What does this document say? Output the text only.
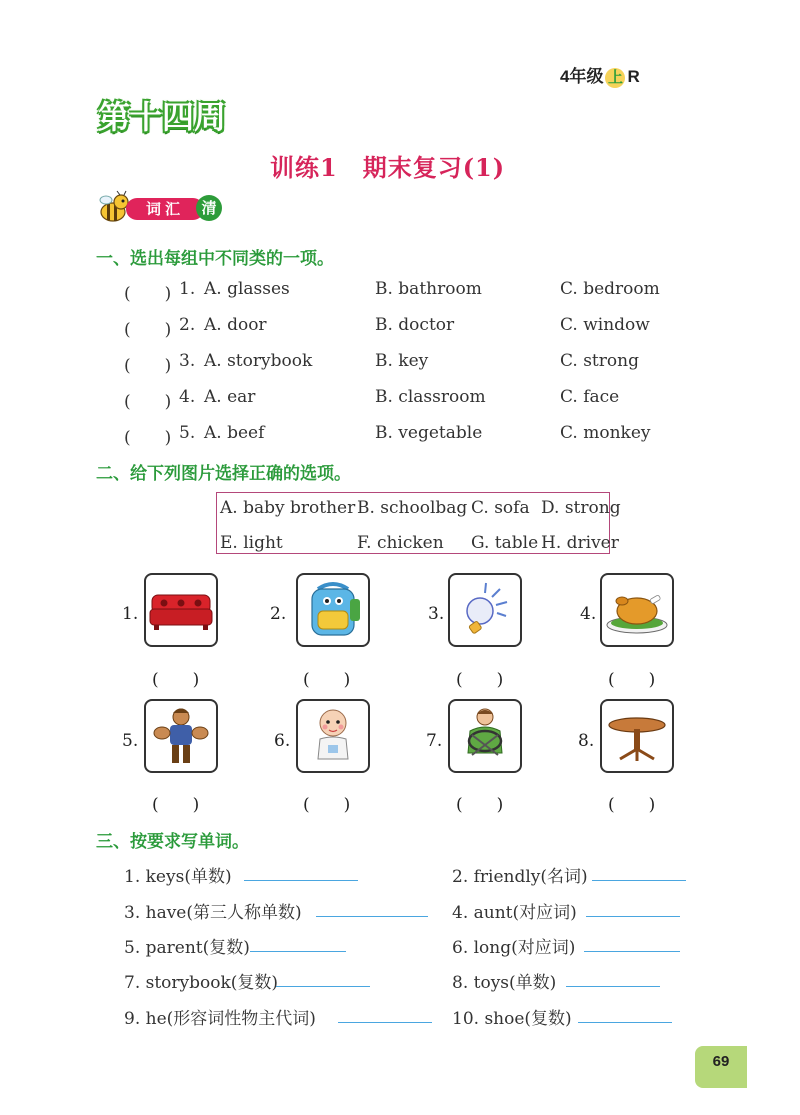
4年级 上 R
第十四周
训练1　期末复习(1)
词汇	清
一、选出每组中不同类的一项。
(　　) 1. A. glasses	B. bathroom	C. bedroom
(　　) 2. A. door	B. doctor	C. window
(　　) 3. A. storybook	B. key	C. strong
(　　) 4. A. ear	B. classroom	C. face
(　　) 5. A. beef	B. vegetable	C. monkey
二、给下列图片选择正确的选项。
A. baby brother B. schoolbag C. sofa D. strong
E. light	F. chicken G. table H. driver
1.	2.	3.	4.
(　　)	(　　)	(　　)	(　　)
5.	6.	7.	8.
(　　)	(　　)	(　　)	(　　)
三、按要求写单词。
1. keys(单数)	2. friendly(名词)
3. have(第三人称单数)	4. aunt(对应词)
5. parent(复数)	6. long(对应词)
7. storybook(复数)	8. toys(单数)
9. he(形容词性物主代词)	10. shoe(复数)
69
